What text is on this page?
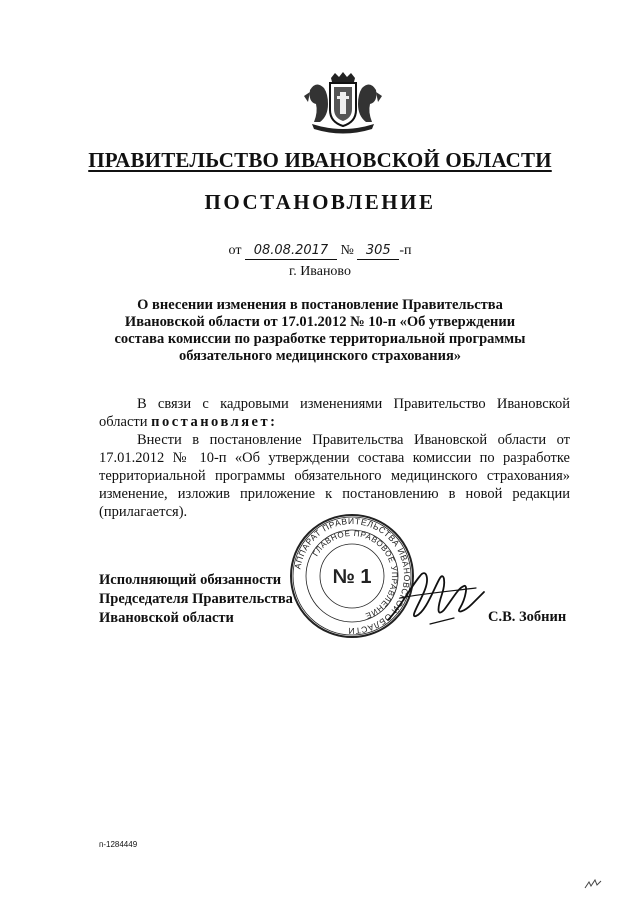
ПРАВИТЕЛЬСТВО ИВАНОВСКОЙ ОБЛАСТИ
ПОСТАНОВЛЕНИЕ
от 08.08.2017 № 305 -п
г. Иваново
О внесении изменения в постановление Правительства Ивановской области от 17.01.2012 № 10-п «Об утверждении состава комиссии по разработке территориальной программы обязательного медицинского страхования»

В связи с кадровыми изменениями Правительство Ивановской области постановляет:

Внести в постановление Правительства Ивановской области от 17.01.2012 № 10-п «Об утверждении состава комиссии по разработке территориальной программы обязательного медицинского страхования» изменение, изложив приложение к постановлению в новой редакции (прилагается).

Исполняющий обязанности
Председателя Правительства
Ивановской области
АППАРАТ ПРАВИТЕЛЬСТВА ИВАНОВСКОЙ ОБЛАСТИ
ГЛАВНОЕ ПРАВОВОЕ УПРАВЛЕНИЕ
№ 1
С.В. Зобнин
п-1284449
